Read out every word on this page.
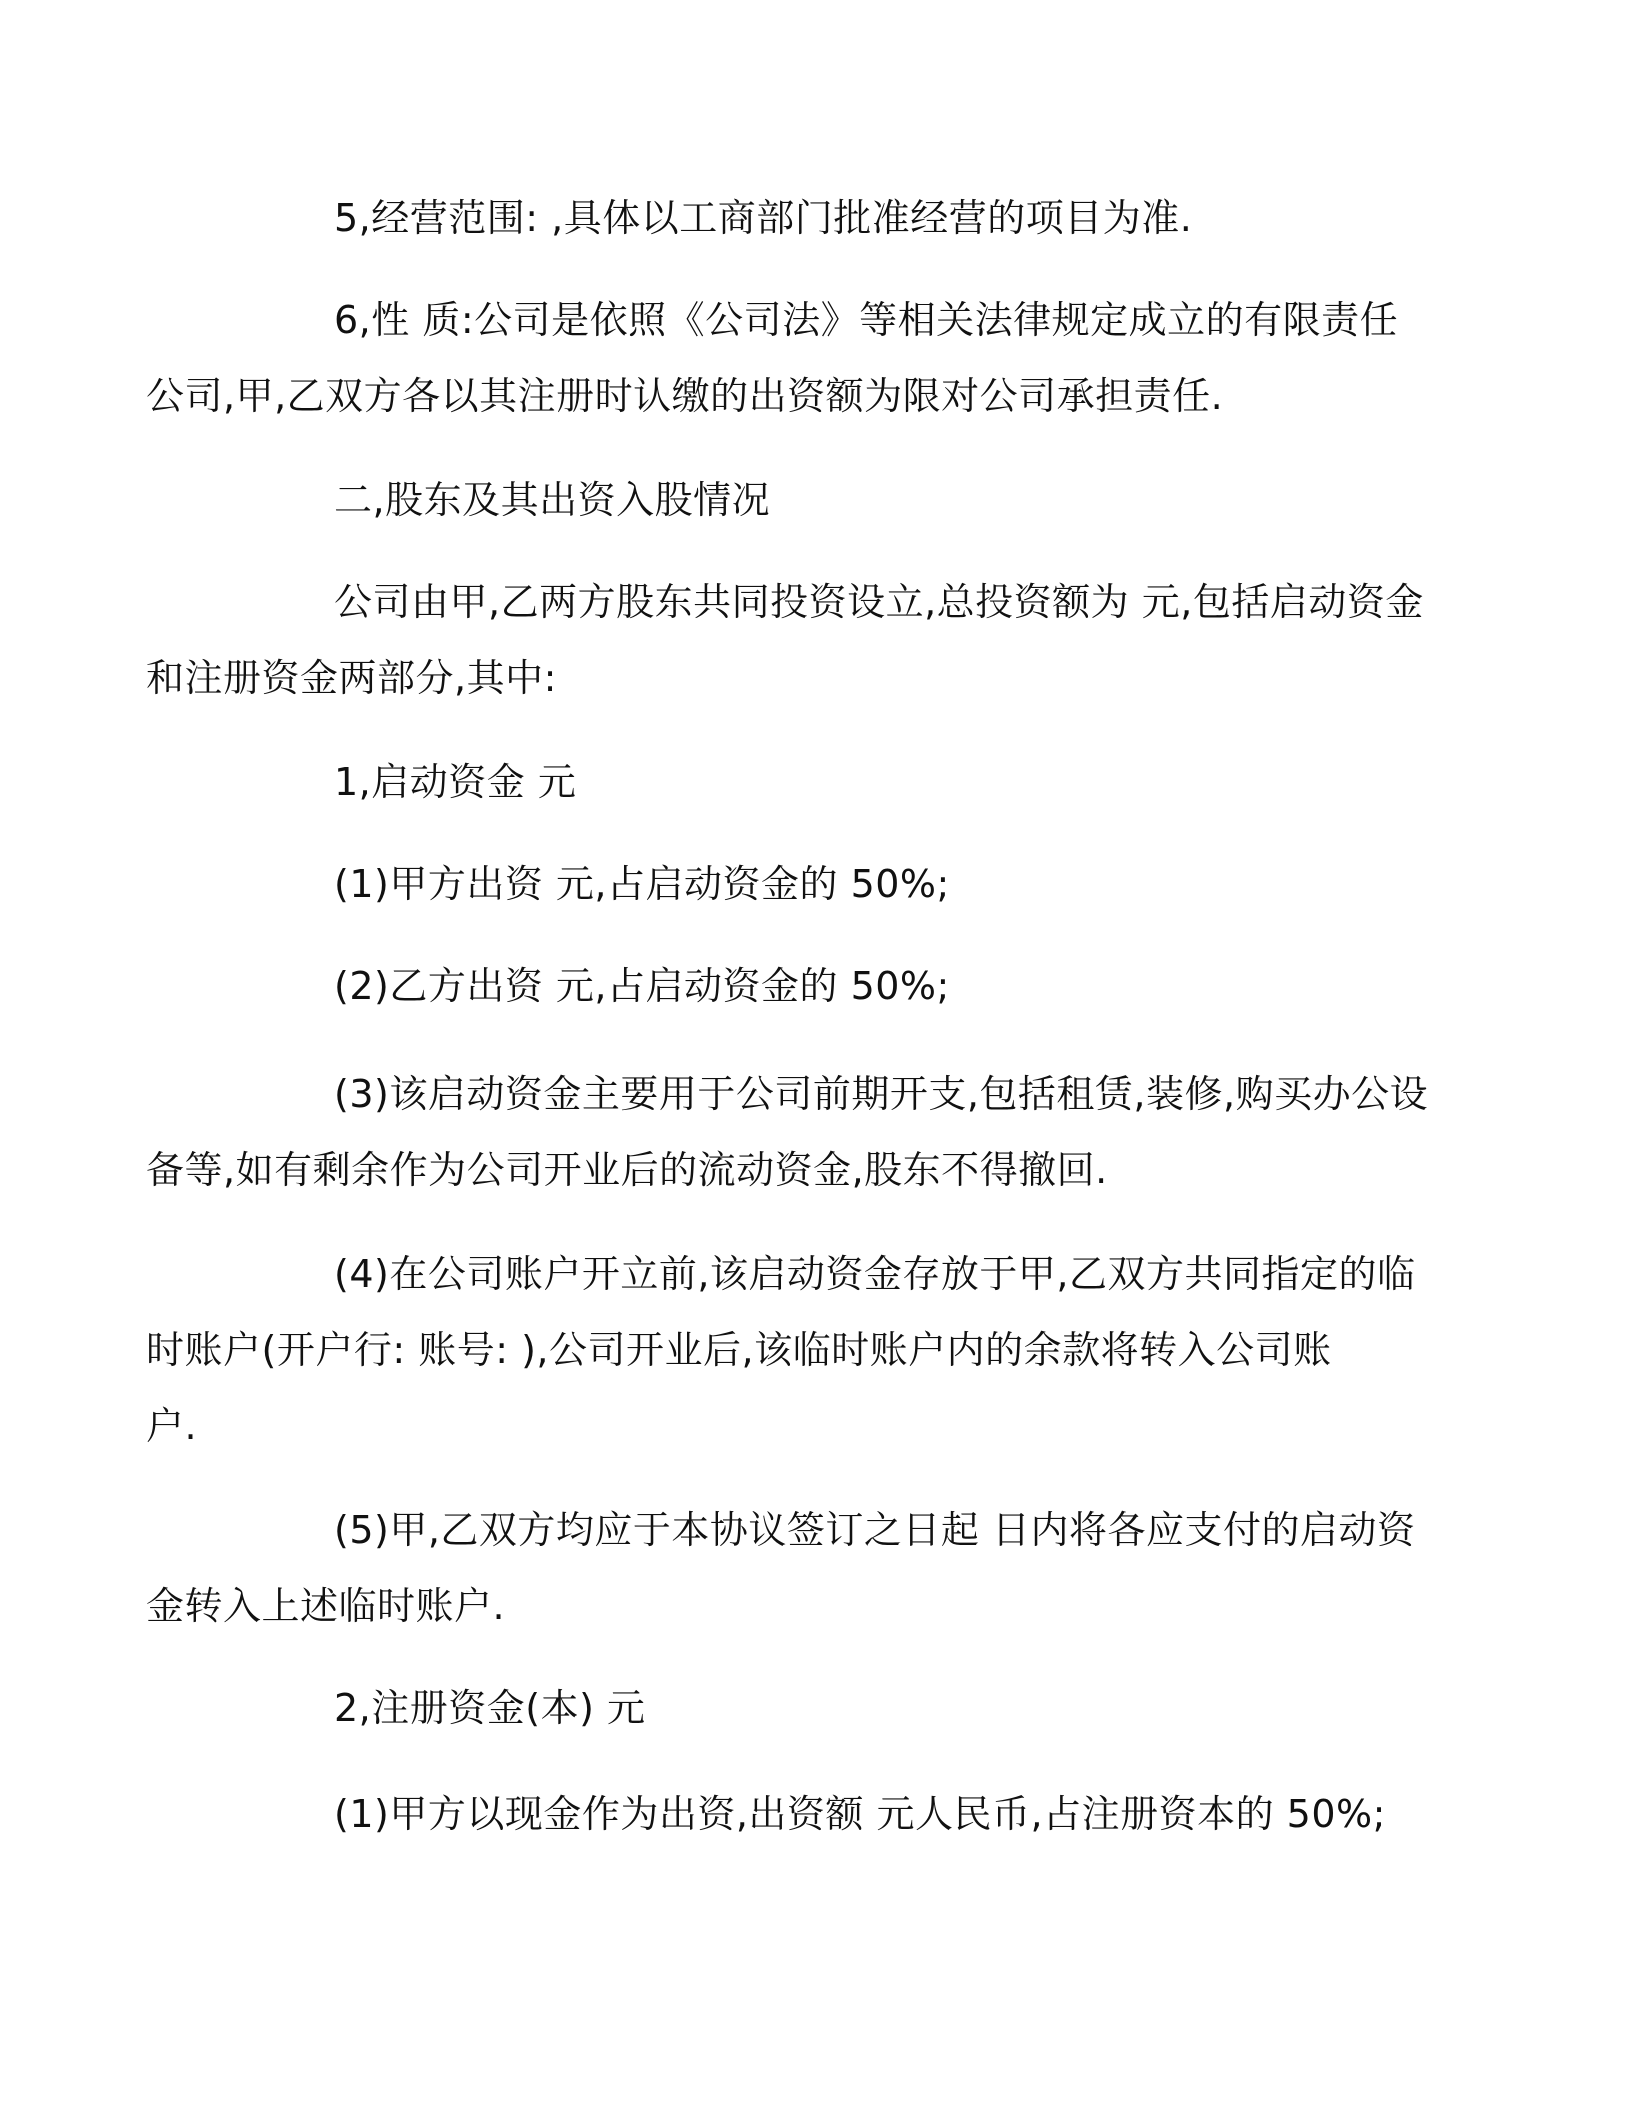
5,经营范围: ,具体以工商部门批准经营的项目为准.

6,性 质:公司是依照《公司法》等相关法律规定成立的有限责任
公司,甲,乙双方各以其注册时认缴的出资额为限对公司承担责任.

二,股东及其出资入股情况

公司由甲,乙两方股东共同投资设立,总投资额为 元,包括启动资金
和注册资金两部分,其中:

1,启动资金 元

(1)甲方出资 元,占启动资金的 50%;

(2)乙方出资 元,占启动资金的 50%;

(3)该启动资金主要用于公司前期开支,包括租赁,装修,购买办公设
备等,如有剩余作为公司开业后的流动资金,股东不得撤回.

(4)在公司账户开立前,该启动资金存放于甲,乙双方共同指定的临
时账户(开户行: 账号: ),公司开业后,该临时账户内的余款将转入公司账
户.

(5)甲,乙双方均应于本协议签订之日起 日内将各应支付的启动资
金转入上述临时账户.

2,注册资金(本) 元

(1)甲方以现金作为出资,出资额 元人民币,占注册资本的 50%;
